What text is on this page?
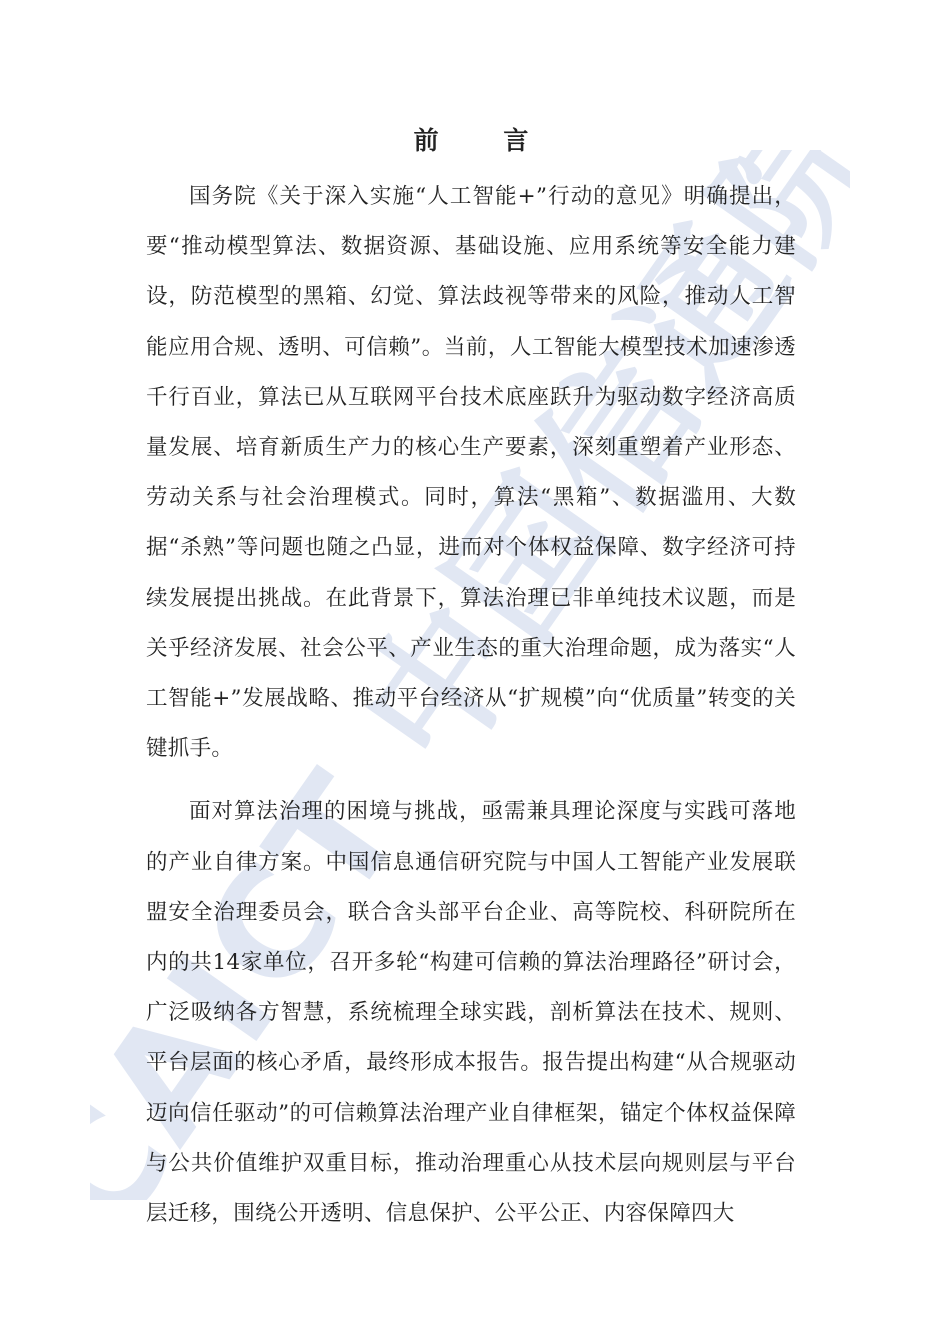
CAICT 中国信通院
前 言

国务院《关于深入实施“人工智能+”行动的意见》明确提出，要“推动模型算法、数据资源、基础设施、应用系统等安全能力建设，防范模型的黑箱、幻觉、算法歧视等带来的风险，推动人工智能应用合规、透明、可信赖”。当前，人工智能大模型技术加速渗透千行百业，算法已从互联网平台技术底座跃升为驱动数字经济高质量发展、培育新质生产力的核心生产要素，深刻重塑着产业形态、劳动关系与社会治理模式。同时，算法“黑箱”、数据滥用、大数据“杀熟”等问题也随之凸显，进而对个体权益保障、数字经济可持续发展提出挑战。在此背景下，算法治理已非单纯技术议题，而是关乎经济发展、社会公平、产业生态的重大治理命题，成为落实“人工智能+”发展战略、推动平台经济从“扩规模”向“优质量”转变的关键抓手。

面对算法治理的困境与挑战，亟需兼具理论深度与实践可落地的产业自律方案。中国信息通信研究院与中国人工智能产业发展联盟安全治理委员会，联合含头部平台企业、高等院校、科研院所在内的共14家单位，召开多轮“构建可信赖的算法治理路径”研讨会，广泛吸纳各方智慧，系统梳理全球实践，剖析算法在技术、规则、平台层面的核心矛盾，最终形成本报告。报告提出构建“从合规驱动迈向信任驱动”的可信赖算法治理产业自律框架，锚定个体权益保障与公共价值维护双重目标，推动治理重心从技术层向规则层与平台层迁移，围绕公开透明、信息保护、公平公正、内容保障四大
